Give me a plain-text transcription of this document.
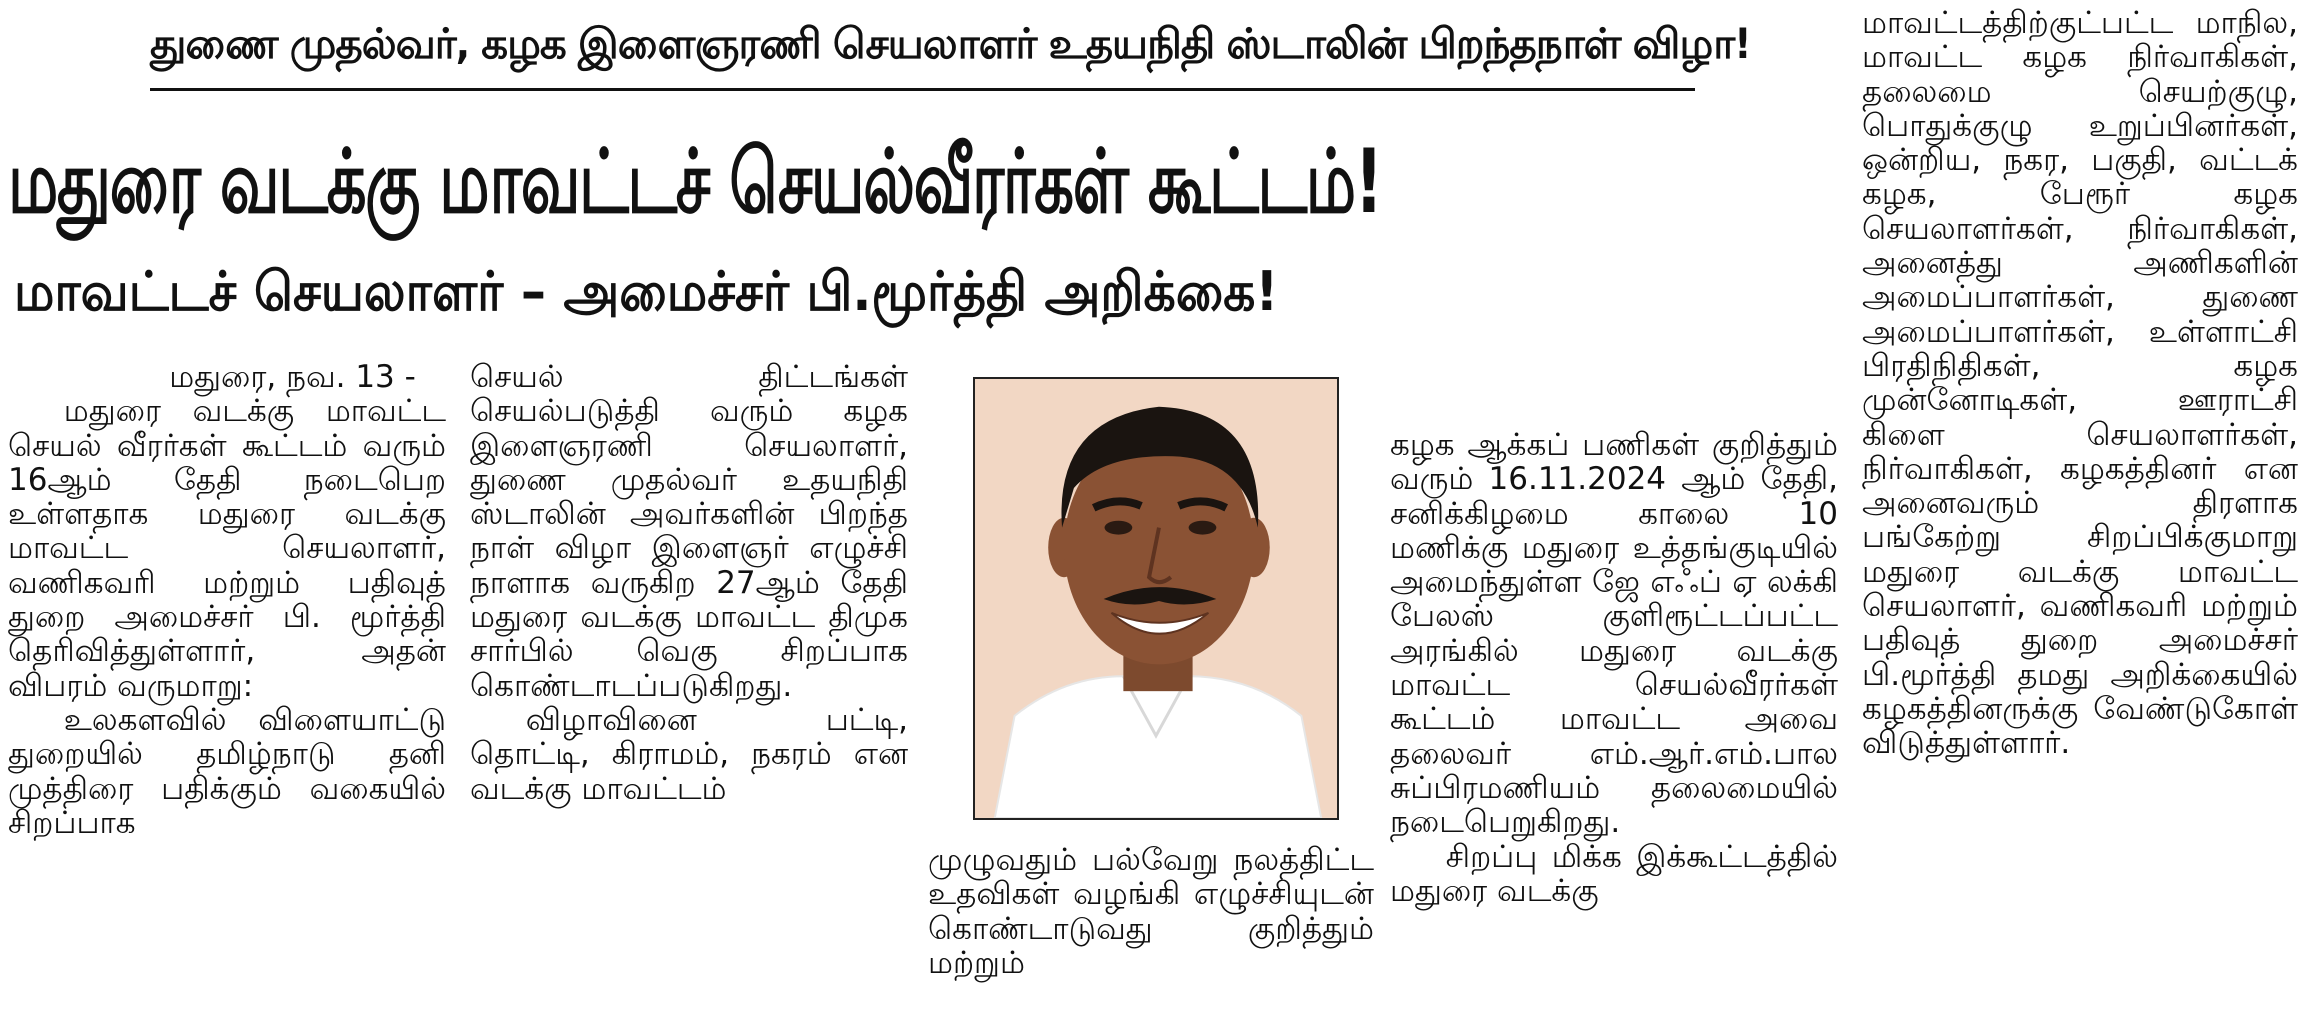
துணை முதல்வர், கழக இளைஞரணி செயலாளர் உதயநிதி ஸ்டாலின் பிறந்தநாள் விழா!
மதுரை வடக்கு மாவட்டச் செயல்வீரர்கள் கூட்டம்!
மாவட்டச் செயலாளர் – அமைச்சர் பி.மூர்த்தி அறிக்கை!

மதுரை, நவ. 13 -

மதுரை வடக்கு மாவட்ட செயல் வீரர்கள் கூட்டம் வரும் 16ஆம் தேதி நடைபெற உள்ளதாக மதுரை வடக்கு மாவட்ட செயலாளர், வணிகவரி மற்றும் பதிவுத் துறை அமைச்சர் பி. மூர்த்தி தெரிவித்துள்ளார், அதன் விபரம் வருமாறு:

உலகளவில் விளையாட்டு துறையில் தமிழ்நாடு தனி முத்திரை பதிக்கும் வகையில் சிறப்பாக

செயல் திட்டங்கள் செயல்படுத்தி வரும் கழக இளைஞரணி செயலாளர், துணை முதல்வர் உதயநிதி ஸ்டாலின் அவர்களின் பிறந்த நாள் விழா இளைஞர் எழுச்சி நாளாக வருகிற 27ஆம் தேதி மதுரை வடக்கு மாவட்ட திமுக சார்பில் வெகு சிறப்பாக கொண்டாடப்படுகிறது.

விழாவினை பட்டி, தொட்டி, கிராமம், நகரம் என வடக்கு மாவட்டம்

முழுவதும் பல்வேறு நலத்திட்ட உதவிகள் வழங்கி எழுச்சியுடன் கொண்டாடுவது குறித்தும் மற்றும்

கழக ஆக்கப் பணிகள் குறித்தும் வரும் 16.11.2024 ஆம் தேதி, சனிக்கிழமை காலை 10 மணிக்கு மதுரை உத்தங்குடியில் அமைந்துள்ள ஜே எஃப் ஏ லக்கி பேலஸ் குளிரூட்டப்பட்ட அரங்கில் மதுரை வடக்கு மாவட்ட செயல்வீரர்கள் கூட்டம் மாவட்ட அவை தலைவர் எம்.ஆர்.எம்.பால சுப்பிரமணியம் தலைமையில் நடைபெறுகிறது.

சிறப்பு மிக்க இக்கூட்டத்தில் மதுரை வடக்கு

மாவட்டத்திற்குட்பட்ட மாநில, மாவட்ட கழக நிர்வாகிகள், தலைமை செயற்குழு, பொதுக்குழு உறுப்பினர்கள், ஒன்றிய, நகர, பகுதி, வட்டக் கழக, பேரூர் கழக செயலாளர்கள், நிர்வாகிகள், அனைத்து அணிகளின் அமைப்பாளர்கள், துணை அமைப்பாளர்கள், உள்ளாட்சி பிரதிநிதிகள், கழக முன்னோடிகள், ஊராட்சி கிளை செயலாளர்கள், நிர்வாகிகள், கழகத்தினர் என அனைவரும் திரளாக பங்கேற்று சிறப்பிக்குமாறு மதுரை வடக்கு மாவட்ட செயலாளர், வணிகவரி மற்றும் பதிவுத் துறை அமைச்சர் பி.மூர்த்தி தமது அறிக்கையில் கழகத்தினருக்கு வேண்டுகோள் விடுத்துள்ளார்.
